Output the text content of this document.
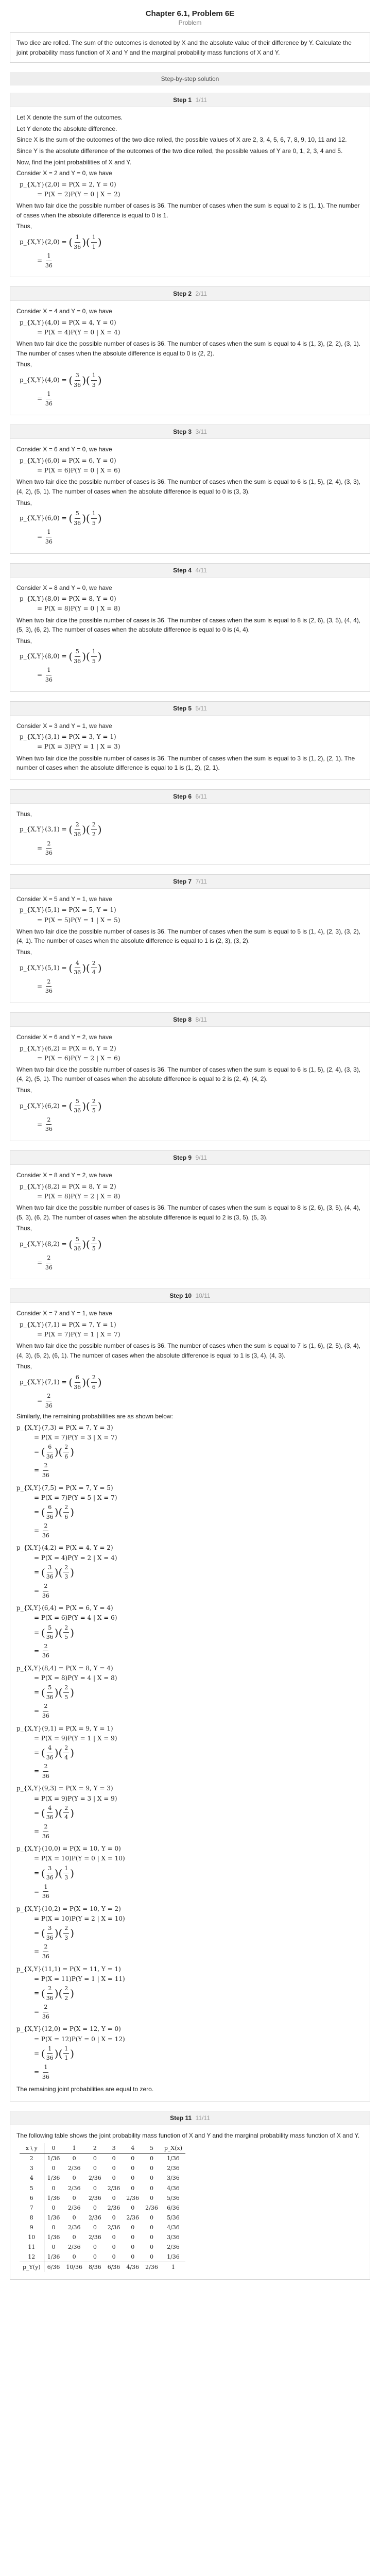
Chapter 6.1, Problem 6E
Problem
Two dice are rolled. The sum of the outcomes is denoted by X and the absolute value of their difference by Y. Calculate the joint probability mass function of X and Y and the marginal probability mass functions of X and Y.
Step-by-step solution
Step 1 1/11

Let X denote the sum of the outcomes.

Let Y denote the absolute difference.

Since X is the sum of the outcomes of the two dice rolled, the possible values of X are 2, 3, 4, 5, 6, 7, 8, 9, 10, 11 and 12.

Since Y is the absolute difference of the outcomes of the two dice rolled, the possible values of Y are 0, 1, 2, 3, 4 and 5.

Now, find the joint probabilities of X and Y.

Consider X = 2 and Y = 0, we have

p_{X,Y}(2,0) = P(X = 2, Y = 0)
= P(X = 2)P(Y = 0 | X = 2)

When two fair dice the possible number of cases is 36. The number of cases when the sum is equal to 2 is (1, 1). The number of cases when the absolute difference is equal to 0 is 1.

Thus,

p_{X,Y}(2,0) = ( $\frac{1}{36}$ )( $\frac{1}{1}$ )
= $\frac{1}{36}$
Step 2 2/11

Consider X = 4 and Y = 0, we have

p_{X,Y}(4,0) = P(X = 4, Y = 0)
= P(X = 4)P(Y = 0 | X = 4)

When two fair dice the possible number of cases is 36. The number of cases when the sum is equal to 4 is (1, 3), (2, 2), (3, 1). The number of cases when the absolute difference is equal to 0 is (2, 2).

Thus,

p_{X,Y}(4,0) = ( $\frac{3}{36}$ )( $\frac{1}{3}$ )
= $\frac{1}{36}$
Step 3 3/11

Consider X = 6 and Y = 0, we have

p_{X,Y}(6,0) = P(X = 6, Y = 0)
= P(X = 6)P(Y = 0 | X = 6)

When two fair dice the possible number of cases is 36. The number of cases when the sum is equal to 6 is (1, 5), (2, 4), (3, 3), (4, 2), (5, 1). The number of cases when the absolute difference is equal to 0 is (3, 3).

Thus,

p_{X,Y}(6,0) = ( $\frac{5}{36}$ )( $\frac{1}{5}$ )
= $\frac{1}{36}$
Step 4 4/11

Consider X = 8 and Y = 0, we have

p_{X,Y}(8,0) = P(X = 8, Y = 0)
= P(X = 8)P(Y = 0 | X = 8)

When two fair dice the possible number of cases is 36. The number of cases when the sum is equal to 8 is (2, 6), (3, 5), (4, 4), (5, 3), (6, 2). The number of cases when the absolute difference is equal to 0 is (4, 4).

Thus,

p_{X,Y}(8,0) = ( $\frac{5}{36}$ )( $\frac{1}{5}$ )
= $\frac{1}{36}$
Step 5 5/11

Consider X = 3 and Y = 1, we have

p_{X,Y}(3,1) = P(X = 3, Y = 1)
= P(X = 3)P(Y = 1 | X = 3)

When two fair dice the possible number of cases is 36. The number of cases when the sum is equal to 3 is (1, 2), (2, 1). The number of cases when the absolute difference is equal to 1 is (1, 2), (2, 1).

Step 6 6/11

Thus,

p_{X,Y}(3,1) = ( $\frac{2}{36}$ )( $\frac{2}{2}$ )
= $\frac{2}{36}$
Step 7 7/11

Consider X = 5 and Y = 1, we have

p_{X,Y}(5,1) = P(X = 5, Y = 1)
= P(X = 5)P(Y = 1 | X = 5)

When two fair dice the possible number of cases is 36. The number of cases when the sum is equal to 5 is (1, 4), (2, 3), (3, 2), (4, 1). The number of cases when the absolute difference is equal to 1 is (2, 3), (3, 2).

Thus,

p_{X,Y}(5,1) = ( $\frac{4}{36}$ )( $\frac{2}{4}$ )
= $\frac{2}{36}$
Step 8 8/11

Consider X = 6 and Y = 2, we have

p_{X,Y}(6,2) = P(X = 6, Y = 2)
= P(X = 6)P(Y = 2 | X = 6)

When two fair dice the possible number of cases is 36. The number of cases when the sum is equal to 6 is (1, 5), (2, 4), (3, 3), (4, 2), (5, 1). The number of cases when the absolute difference is equal to 2 is (2, 4), (4, 2).

Thus,

p_{X,Y}(6,2) = ( $\frac{5}{36}$ )( $\frac{2}{5}$ )
= $\frac{2}{36}$
Step 9 9/11

Consider X = 8 and Y = 2, we have

p_{X,Y}(8,2) = P(X = 8, Y = 2)
= P(X = 8)P(Y = 2 | X = 8)

When two fair dice the possible number of cases is 36. The number of cases when the sum is equal to 8 is (2, 6), (3, 5), (4, 4), (5, 3), (6, 2). The number of cases when the absolute difference is equal to 2 is (3, 5), (5, 3).

Thus,

p_{X,Y}(8,2) = ( $\frac{5}{36}$ )( $\frac{2}{5}$ )
= $\frac{2}{36}$
Step 10 10/11

Consider X = 7 and Y = 1, we have

p_{X,Y}(7,1) = P(X = 7, Y = 1)
= P(X = 7)P(Y = 1 | X = 7)

When two fair dice the possible number of cases is 36. The number of cases when the sum is equal to 7 is (1, 6), (2, 5), (3, 4), (4, 3), (5, 2), (6, 1). The number of cases when the absolute difference is equal to 1 is (3, 4), (4, 3).

Thus,

p_{X,Y}(7,1) = ( $\frac{6}{36}$ )( $\frac{2}{6}$ )
= $\frac{2}{36}$

Similarly, the remaining probabilities are as shown below:

p_{X,Y}(7,3) = P(X = 7, Y = 3)
= P(X = 7)P(Y = 3 | X = 7)
= ( $\frac{6}{36}$ )( $\frac{2}{6}$ )
= $\frac{2}{36}$
p_{X,Y}(7,5) = P(X = 7, Y = 5)
= P(X = 7)P(Y = 5 | X = 7)
= ( $\frac{6}{36}$ )( $\frac{2}{6}$ )
= $\frac{2}{36}$
p_{X,Y}(4,2) = P(X = 4, Y = 2)
= P(X = 4)P(Y = 2 | X = 4)
= ( $\frac{3}{36}$ )( $\frac{2}{3}$ )
= $\frac{2}{36}$
p_{X,Y}(6,4) = P(X = 6, Y = 4)
= P(X = 6)P(Y = 4 | X = 6)
= ( $\frac{5}{36}$ )( $\frac{2}{5}$ )
= $\frac{2}{36}$
p_{X,Y}(8,4) = P(X = 8, Y = 4)
= P(X = 8)P(Y = 4 | X = 8)
= ( $\frac{5}{36}$ )( $\frac{2}{5}$ )
= $\frac{2}{36}$
p_{X,Y}(9,1) = P(X = 9, Y = 1)
= P(X = 9)P(Y = 1 | X = 9)
= ( $\frac{4}{36}$ )( $\frac{2}{4}$ )
= $\frac{2}{36}$
p_{X,Y}(9,3) = P(X = 9, Y = 3)
= P(X = 9)P(Y = 3 | X = 9)
= ( $\frac{4}{36}$ )( $\frac{2}{4}$ )
= $\frac{2}{36}$
p_{X,Y}(10,0) = P(X = 10, Y = 0)
= P(X = 10)P(Y = 0 | X = 10)
= ( $\frac{3}{36}$ )( $\frac{1}{3}$ )
= $\frac{1}{36}$
p_{X,Y}(10,2) = P(X = 10, Y = 2)
= P(X = 10)P(Y = 2 | X = 10)
= ( $\frac{3}{36}$ )( $\frac{2}{3}$ )
= $\frac{2}{36}$
p_{X,Y}(11,1) = P(X = 11, Y = 1)
= P(X = 11)P(Y = 1 | X = 11)
= ( $\frac{2}{36}$ )( $\frac{2}{2}$ )
= $\frac{2}{36}$
p_{X,Y}(12,0) = P(X = 12, Y = 0)
= P(X = 12)P(Y = 0 | X = 12)
= ( $\frac{1}{36}$ )( $\frac{1}{1}$ )
= $\frac{1}{36}$

The remaining joint probabilities are equal to zero.

Step 11 11/11

The following table shows the joint probability mass function of X and Y and the marginal probability mass function of X and Y.

x \ y	0	1	2	3	4	5	p_X(x)
2	1/36	0	0	0	0	0	1/36
3	0	2/36	0	0	0	0	2/36
4	1/36	0	2/36	0	0	0	3/36
5	0	2/36	0	2/36	0	0	4/36
6	1/36	0	2/36	0	2/36	0	5/36
7	0	2/36	0	2/36	0	2/36	6/36
8	1/36	0	2/36	0	2/36	0	5/36
9	0	2/36	0	2/36	0	0	4/36
10	1/36	0	2/36	0	0	0	3/36
11	0	2/36	0	0	0	0	2/36
12	1/36	0	0	0	0	0	1/36
p_Y(y)	6/36	10/36	8/36	6/36	4/36	2/36	1
